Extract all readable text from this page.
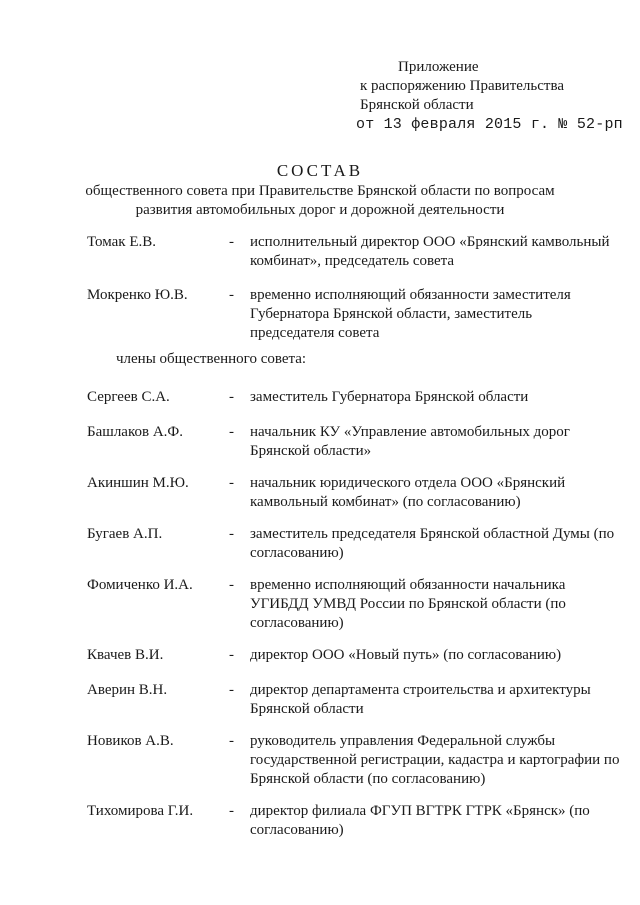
Приложение
к распоряжению Правительства
Брянской области
от 13 февраля 2015 г. № 52-рп
СОСТАВ
общественного совета при Правительстве Брянской области по вопросам
развития автомобильных дорог и дорожной деятельности
Томак Е.В.	- исполнительный директор ООО «Брянский камвольный комбинат», председатель совета
Мокренко Ю.В.	- временно исполняющий обязанности заместителя Губернатора Брянской области, заместитель председателя совета
члены общественного совета:
Сергеев С.А.	- заместитель Губернатора Брянской области
Башлаков А.Ф.	- начальник КУ «Управление автомобильных дорог Брянской области»
Акиншин М.Ю.	- начальник юридического отдела ООО «Брянский камвольный комбинат» (по согласованию)
Бугаев А.П.	- заместитель председателя Брянской областной Думы (по согласованию)
Фомиченко И.А. - временно исполняющий обязанности начальника УГИБДД УМВД России по Брянской области (по согласованию)
Квачев В.И.	- директор ООО «Новый путь» (по согласованию)
Аверин В.Н.	- директор департамента строительства и архитектуры Брянской области
Новиков А.В.	- руководитель управления Федеральной службы государственной регистрации, кадастра и картографии по Брянской области (по согласованию)
Тихомирова Г.И. - директор филиала ФГУП ВГТРК ГТРК «Брянск» (по согласованию)
